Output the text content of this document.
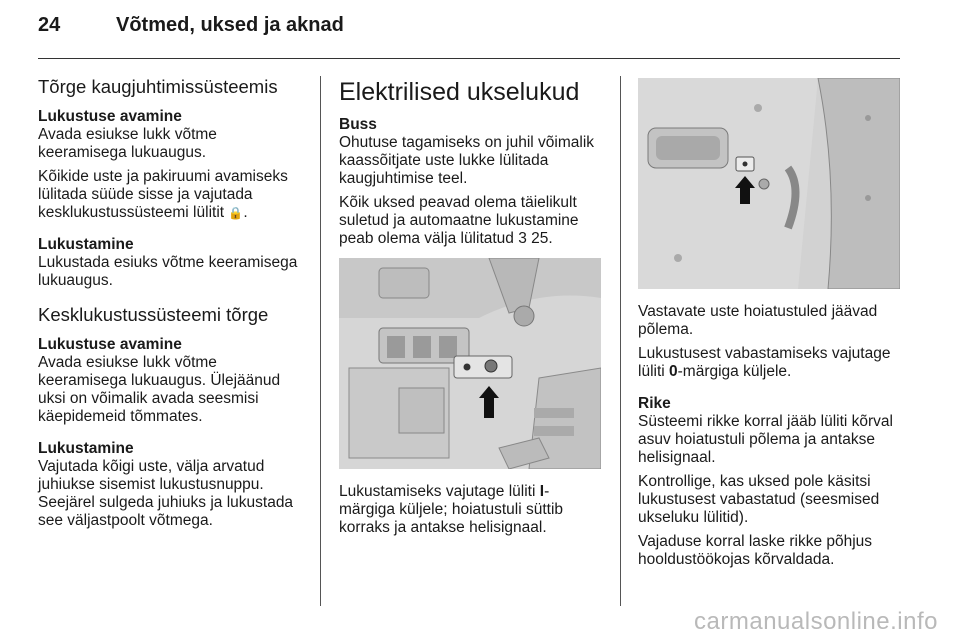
24	Võtmed, uksed ja aknad
Tõrge kaugjuhtimissüsteemis
Lukustuse avamine

Avada esiukse lukk võtme keeramisega lukuaugus.

Kõikide uste ja pakiruumi avamiseks lülitada süüde sisse ja vajutada kesklukustussüsteemi lülitit 🔒.

Lukustamine

Lukustada esiuks võtme keeramisega lukuaugus.

Kesklukustussüsteemi tõrge
Lukustuse avamine

Avada esiukse lukk võtme keeramisega lukuaugus. Ülejäänud uksi on võimalik avada seesmisi käepidemeid tõmmates.

Lukustamine

Vajutada kõigi uste, välja arvatud juhiukse sisemist lukustusnuppu. Seejärel sulgeda juhiuks ja lukustada see väljastpoolt võtmega.

Elektrilised ukselukud
Buss

Ohutuse tagamiseks on juhil võimalik kaassõitjate uste lukke lülitada kaugjuhtimise teel.

Kõik uksed peavad olema täielikult suletud ja automaatne lukustamine peab olema välja lülitatud 3 25.

Lukustamiseks vajutage lüliti I-märgiga küljele; hoiatustuli süttib korraks ja antakse helisignaal.

Vastavate uste hoiatustuled jäävad põlema.

Lukustusest vabastamiseks vajutage lüliti 0-märgiga küljele.

Rike

Süsteemi rikke korral jääb lüliti kõrval asuv hoiatustuli põlema ja antakse helisignaal.

Kontrollige, kas uksed pole käsitsi lukustusest vabastatud (seesmised ukseluku lülitid).

Vajaduse korral laske rikke põhjus hooldustöökojas kõrvaldada.

carmanualsonline.info
